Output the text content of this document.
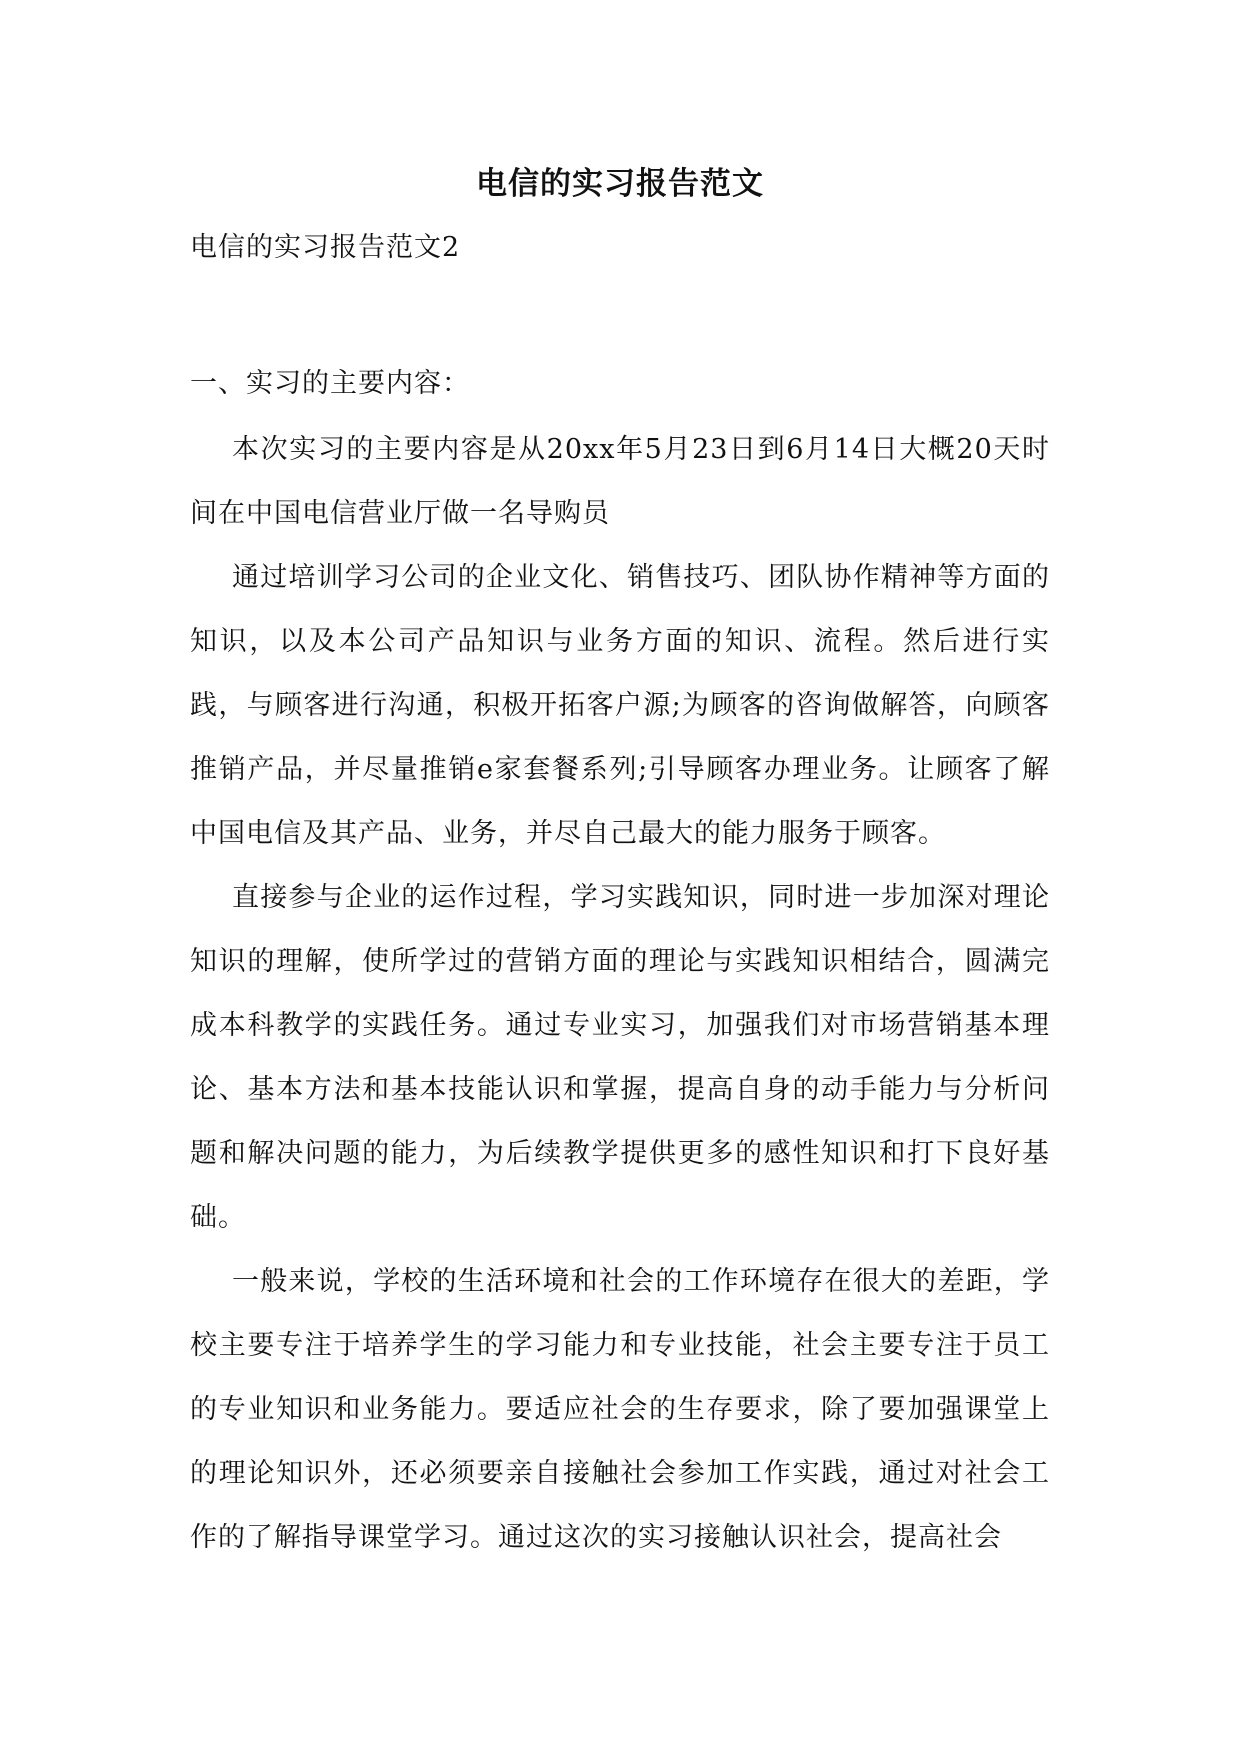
电信的实习报告范文

电信的实习报告范文2

一、实习的主要内容：

本次实习的主要内容是从20xx年5月23日到6月14日大概20天时间在中国电信营业厅做一名导购员

通过培训学习公司的企业文化、销售技巧、团队协作精神等方面的知识，以及本公司产品知识与业务方面的知识、流程。然后进行实践，与顾客进行沟通，积极开拓客户源;为顾客的咨询做解答，向顾客推销产品，并尽量推销e家套餐系列;引导顾客办理业务。让顾客了解中国电信及其产品、业务，并尽自己最大的能力服务于顾客。

直接参与企业的运作过程，学习实践知识，同时进一步加深对理论知识的理解，使所学过的营销方面的理论与实践知识相结合，圆满完成本科教学的实践任务。通过专业实习，加强我们对市场营销基本理论、基本方法和基本技能认识和掌握，提高自身的动手能力与分析问题和解决问题的能力，为后续教学提供更多的感性知识和打下良好基础。

一般来说，学校的生活环境和社会的工作环境存在很大的差距，学校主要专注于培养学生的学习能力和专业技能，社会主要专注于员工的专业知识和业务能力。要适应社会的生存要求，除了要加强课堂上的理论知识外，还必须要亲自接触社会参加工作实践，通过对社会工作的了解指导课堂学习。通过这次的实习接触认识社会，提高社会
